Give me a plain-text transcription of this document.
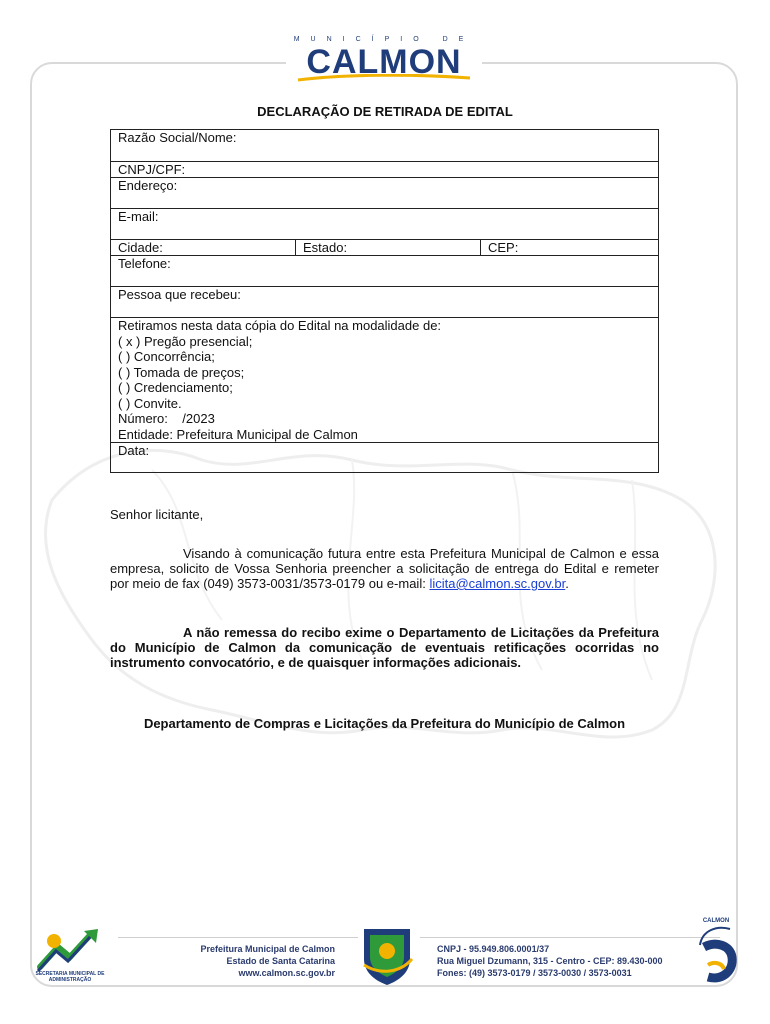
MUNICÍPIO DE
CALMON
DECLARAÇÃO DE RETIRADA DE EDITAL
Razão Social/Nome:
CNPJ/CPF:
Endereço:
E-mail:
Cidade:	Estado:	CEP:
Telefone:
Pessoa que recebeu:

Retiramos nesta data cópia do Edital na modalidade de:
( x ) Pregão presencial;
( ) Concorrência;
( ) Tomada de preços;
( ) Credenciamento;
( ) Convite.
Número:    /2023
Entidade: Prefeitura Municipal de Calmon

Data:
Senhor licitante,
Visando à comunicação futura entre esta Prefeitura Municipal de Calmon e essa empresa, solicito de Vossa Senhoria preencher a solicitação de entrega do Edital e remeter por meio de fax (049) 3573-0031/3573-0179 ou e-mail: licita@calmon.sc.gov.br.
A não remessa do recibo exime o Departamento de Licitações da Prefeitura do Município de Calmon da comunicação de eventuais retificações ocorridas no instrumento convocatório, e de quaisquer informações adicionais.
Departamento de Compras e Licitações da Prefeitura do Município de Calmon
SECRETARIA MUNICIPAL DE ADMINISTRAÇÃO
Prefeitura Municipal de Calmon
Estado de Santa Catarina
www.calmon.sc.gov.br
CNPJ - 95.949.806.0001/37
Rua Miguel Dzumann, 315 - Centro - CEP: 89.430-000
Fones: (49) 3573-0179 / 3573-0030 / 3573-0031
CALMON
